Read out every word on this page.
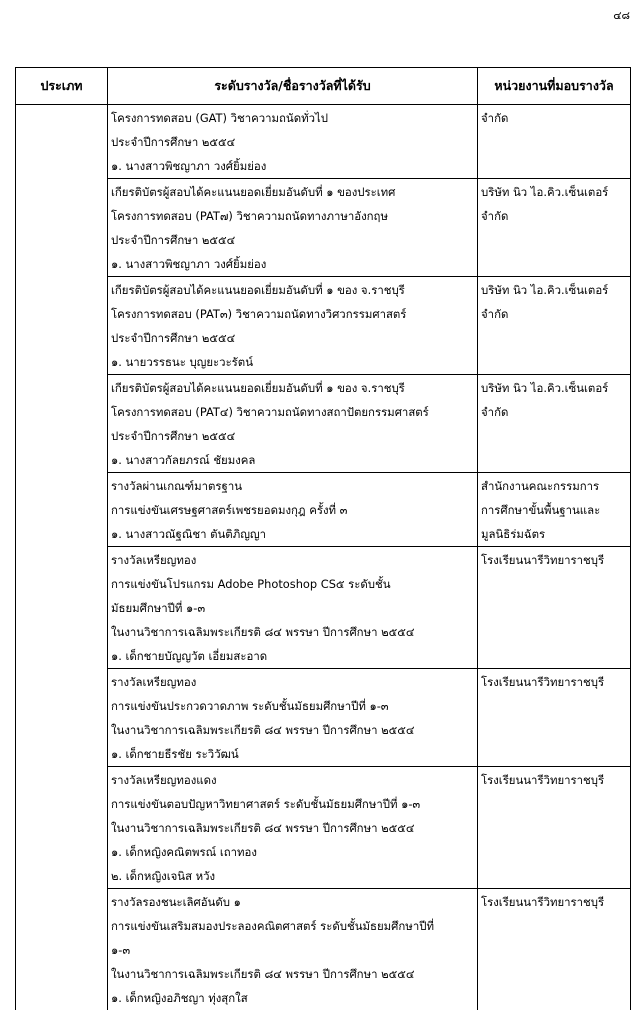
๔๘
ประเภท	ระดับรางวัล/ชื่อรางวัลที่ได้รับ	หน่วยงานที่มอบรางวัล

	โครงการทดสอบ (GAT) วิชาความถนัดทั่วไป
ประจำปีการศึกษา ๒๕๕๔
๑. นางสาวพิชญาภา วงศ์ยิ้มย่อง	จำกัด

	เกียรติบัตรผู้สอบได้คะแนนยอดเยี่ยมอันดับที่ ๑ ของประเทศ
โครงการทดสอบ (PAT๗) วิชาความถนัดทางภาษาอังกฤษ
ประจำปีการศึกษา ๒๕๕๔
๑. นางสาวพิชญาภา วงศ์ยิ้มย่อง	บริษัท นิว ไอ.คิว.เซ็นเตอร์
จำกัด

	เกียรติบัตรผู้สอบได้คะแนนยอดเยี่ยมอันดับที่ ๑ ของ จ.ราชบุรี
โครงการทดสอบ (PAT๓) วิชาความถนัดทางวิศวกรรมศาสตร์
ประจำปีการศึกษา ๒๕๕๔
๑. นายวรรธนะ บุญยะวะรัตน์	บริษัท นิว ไอ.คิว.เซ็นเตอร์
จำกัด

	เกียรติบัตรผู้สอบได้คะแนนยอดเยี่ยมอันดับที่ ๑ ของ จ.ราชบุรี
โครงการทดสอบ (PAT๔) วิชาความถนัดทางสถาปัตยกรรมศาสตร์
ประจำปีการศึกษา ๒๕๕๔
๑. นางสาวกัลยภรณ์ ชัยมงคล	บริษัท นิว ไอ.คิว.เซ็นเตอร์
จำกัด

	รางวัลผ่านเกณฑ์มาตรฐาน
การแข่งขันเศรษฐศาสตร์เพชรยอดมงกุฎ ครั้งที่ ๓
๑. นางสาวณัฐณิชา ตันติภิญญา	สำนักงานคณะกรรมการ
การศึกษาขั้นพื้นฐานและ
มูลนิธิร่มฉัตร

	รางวัลเหรียญทอง
การแข่งขันโปรแกรม Adobe Photoshop CS๕ ระดับชั้น
มัธยมศึกษาปีที่ ๑-๓
ในงานวิชาการเฉลิมพระเกียรติ ๘๔ พรรษา ปีการศึกษา ๒๕๕๔
๑. เด็กชายบัญญวัต เอี่ยมสะอาด	โรงเรียนนารีวิทยาราชบุรี

	รางวัลเหรียญทอง
การแข่งขันประกวดวาดภาพ ระดับชั้นมัธยมศึกษาปีที่ ๑-๓
ในงานวิชาการเฉลิมพระเกียรติ ๘๔ พรรษา ปีการศึกษา ๒๕๕๔
๑. เด็กชายธีรชัย ระวิวัฒน์	โรงเรียนนารีวิทยาราชบุรี

	รางวัลเหรียญทองแดง
การแข่งขันตอบปัญหาวิทยาศาสตร์ ระดับชั้นมัธยมศึกษาปีที่ ๑-๓
ในงานวิชาการเฉลิมพระเกียรติ ๘๔ พรรษา ปีการศึกษา ๒๕๕๔
๑. เด็กหญิงคณิตพรณ์ เถาทอง
๒. เด็กหญิงเจนิส หวัง	โรงเรียนนารีวิทยาราชบุรี

	รางวัลรองชนะเลิศอันดับ ๑
การแข่งขันเสริมสมองประลองคณิตศาสตร์ ระดับชั้นมัธยมศึกษาปีที่
๑-๓
ในงานวิชาการเฉลิมพระเกียรติ ๘๔ พรรษา ปีการศึกษา ๒๕๕๔
๑. เด็กหญิงอภิชญา ทุ่งสุกใส	โรงเรียนนารีวิทยาราชบุรี
